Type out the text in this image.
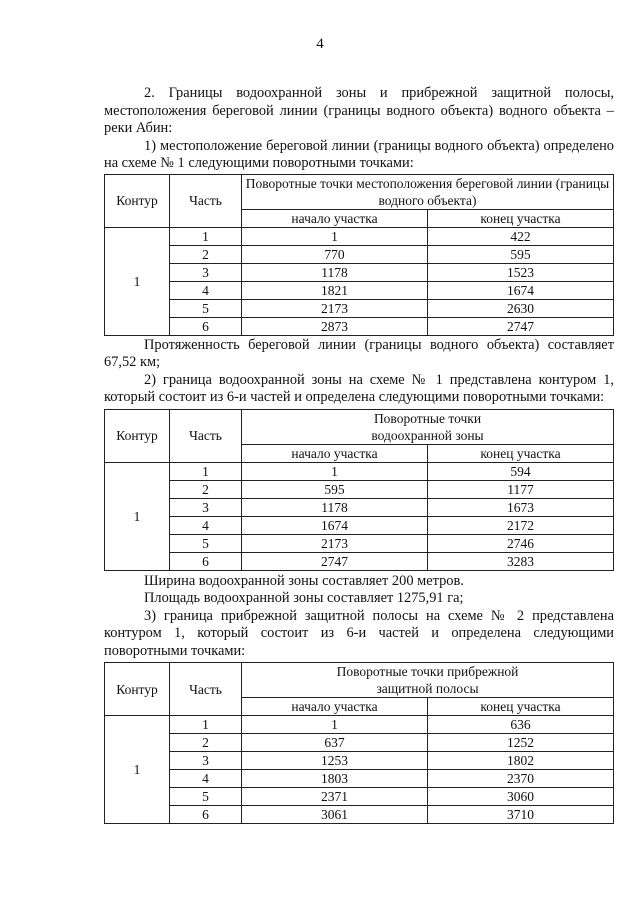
4

2. Границы водоохранной зоны и прибрежной защитной полосы, местоположения береговой линии (границы водного объекта) водного объекта – реки Абин:

1) местоположение береговой линии (границы водного объекта) определено на схеме № 1 следующими поворотными точками:

Контур	Часть	Поворотные точки местоположения береговой линии (границы водного объекта)	
		начало участка	конец участка
1	1	1	422
	2	770	595
	3	1178	1523
	4	1821	1674
	5	2173	2630
	6	2873	2747

Протяженность береговой линии (границы водного объекта) составляет 67,52 км;

2) граница водоохранной зоны на схеме № 1 представлена контуром 1, который состоит из 6-и частей и определена следующими поворотными точками:

Контур	Часть	Поворотные точки водоохранной зоны	
		начало участка	конец участка
1	1	1	594
	2	595	1177
	3	1178	1673
	4	1674	2172
	5	2173	2746
	6	2747	3283

Ширина водоохранной зоны составляет 200 метров.

Площадь водоохранной зоны составляет 1275,91 га;

3) граница прибрежной защитной полосы на схеме № 2 представлена контуром 1, который состоит из 6-и частей и определена следующими поворотными точками:

Контур	Часть	Поворотные точки прибрежной защитной полосы	
		начало участка	конец участка
1	1	1	636
	2	637	1252
	3	1253	1802
	4	1803	2370
	5	2371	3060
	6	3061	3710
